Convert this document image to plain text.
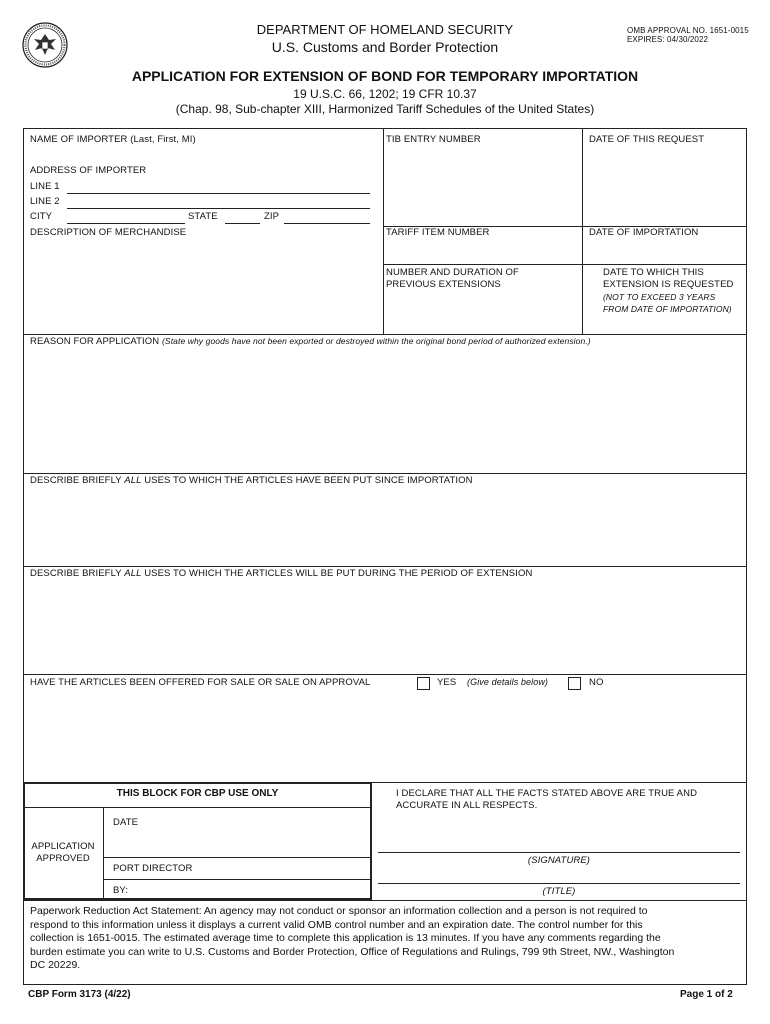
DEPARTMENT OF HOMELAND SECURITY
U.S. Customs and Border Protection
OMB APPROVAL NO. 1651-0015
EXPIRES: 04/30/2022
APPLICATION FOR EXTENSION OF BOND FOR TEMPORARY IMPORTATION
19 U.S.C. 66, 1202; 19 CFR 10.37
(Chap. 98, Sub-chapter XIII, Harmonized Tariff Schedules of the United States)
NAME OF IMPORTER (Last, First, MI)	TIB ENTRY NUMBER	DATE OF THIS REQUEST
ADDRESS OF IMPORTER
LINE 1
LINE 2
CITY	STATE	ZIP
DESCRIPTION OF MERCHANDISE	TARIFF ITEM NUMBER	DATE OF IMPORTATION
NUMBER AND DURATION OF
PREVIOUS EXTENSIONS
DATE TO WHICH THIS
EXTENSION IS REQUESTED
(NOT TO EXCEED 3 YEARS
FROM DATE OF IMPORTATION)
REASON FOR APPLICATION (State why goods have not been exported or destroyed within the original bond period of authorized extension.)
DESCRIBE BRIEFLY ALL USES TO WHICH THE ARTICLES HAVE BEEN PUT SINCE IMPORTATION
DESCRIBE BRIEFLY ALL USES TO WHICH THE ARTICLES WILL BE PUT DURING THE PERIOD OF EXTENSION
HAVE THE ARTICLES BEEN OFFERED FOR SALE OR SALE ON APPROVAL	YES (Give details below)	NO
THIS BLOCK FOR CBP USE ONLY
APPLICATION
APPROVED
DATE
PORT DIRECTOR
BY:
I DECLARE THAT ALL THE FACTS STATED ABOVE ARE TRUE AND
ACCURATE IN ALL RESPECTS.
(SIGNATURE)
(TITLE)
Paperwork Reduction Act Statement: An agency may not conduct or sponsor an information collection and a person is not required to
respond to this information unless it displays a current valid OMB control number and an expiration date. The control number for this
collection is 1651-0015. The estimated average time to complete this application is 13 minutes. If you have any comments regarding the
burden estimate you can write to U.S. Customs and Border Protection, Office of Regulations and Rulings, 799 9th Street, NW., Washington
DC 20229.
CBP Form 3173 (4/22)	Page 1 of 2
